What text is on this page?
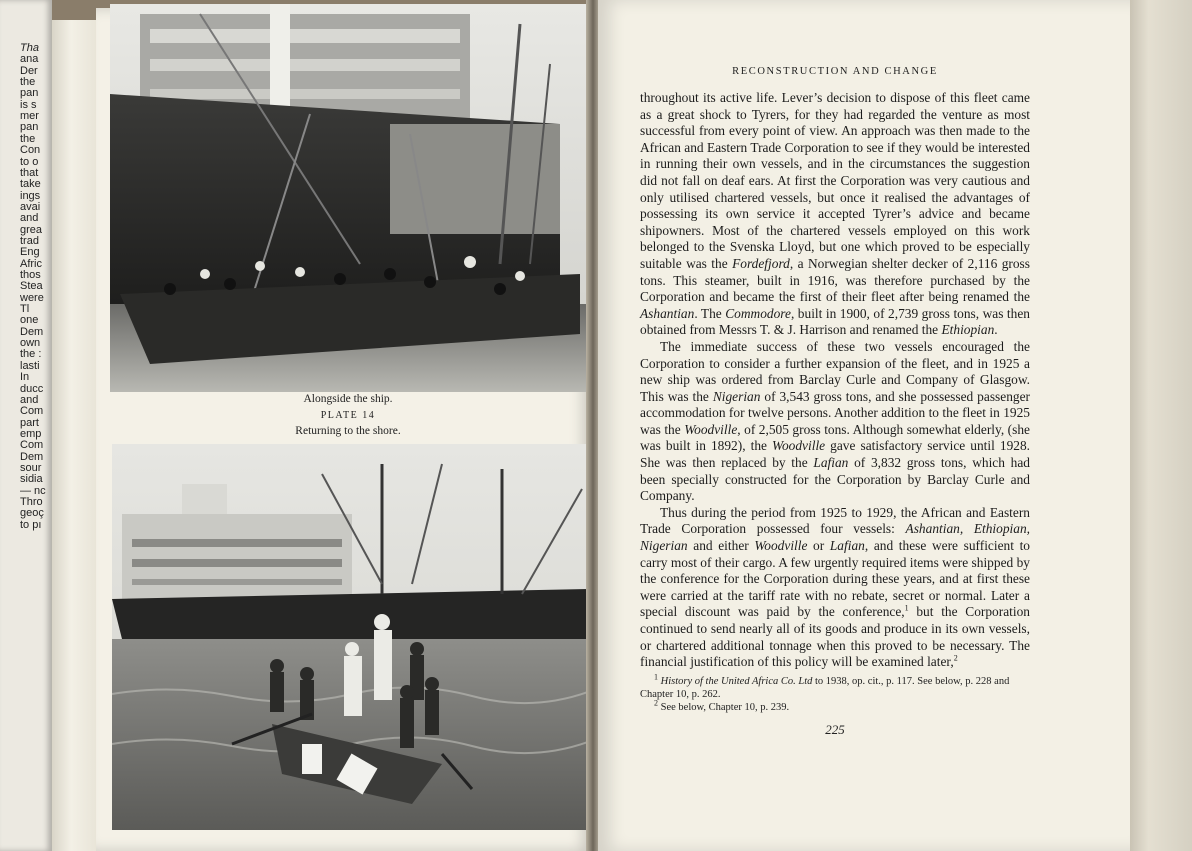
Tha
ana
Der
the
pan
is s
mer
pan
the
Con
to o
that
take
ings
avai
and
grea
trad
Eng
Afric
thos
Stea
were
Tl
one
Dem
own
the :
lasti
In
ducc
and
Com
part
emp
Com
Dem
sour
sidia
— nc
Thro
geoç
to pı
Alongside the ship.
PLATE 14
Returning to the shore.
RECONSTRUCTION AND CHANGE

throughout its active life. Lever’s decision to dispose of this fleet came as a great shock to Tyrers, for they had regarded the venture as most successful from every point of view. An approach was then made to the African and Eastern Trade Corporation to see if they would be interested in running their own vessels, and in the circumstances the suggestion did not fall on deaf ears. At first the Corporation was very cautious and only utilised chartered vessels, but once it realised the advantages of possessing its own service it accepted Tyrer’s advice and became shipowners. Most of the chartered vessels employed on this work belonged to the Svenska Lloyd, but one which proved to be especially suitable was the Fordefjord, a Norwegian shelter decker of 2,116 gross tons. This steamer, built in 1916, was therefore purchased by the Corporation and became the first of their fleet after being renamed the Ashantian. The Commodore, built in 1900, of 2,739 gross tons, was then obtained from Messrs T. & J. Harrison and renamed the Ethiopian.

The immediate success of these two vessels encouraged the Corporation to consider a further expansion of the fleet, and in 1925 a new ship was ordered from Barclay Curle and Company of Glasgow. This was the Nigerian of 3,543 gross tons, and she possessed passenger accommodation for twelve persons. Another addition to the fleet in 1925 was the Woodville, of 2,505 gross tons. Although somewhat elderly, (she was built in 1892), the Woodville gave satisfactory service until 1928. She was then replaced by the Lafian of 3,832 gross tons, which had been specially constructed for the Corporation by Barclay Curle and Company.

Thus during the period from 1925 to 1929, the African and Eastern Trade Corporation possessed four vessels: Ashantian, Ethiopian, Nigerian and either Woodville or Lafian, and these were sufficient to carry most of their cargo. A few urgently required items were shipped by the conference for the Corporation during these years, and at first these were carried at the tariff rate with no rebate, secret or normal. Later a special discount was paid by the conference,$^1$ but the Corporation continued to send nearly all of its goods and produce in its own vessels, or chartered additional tonnage when this proved to be necessary. The financial justification of this policy will be examined later,$^2$

$^1$ History of the United Africa Co. Ltd to 1938, op. cit., p. 117. See below, p. 228 and Chapter 10, p. 262.

$^2$ See below, Chapter 10, p. 239.

225
